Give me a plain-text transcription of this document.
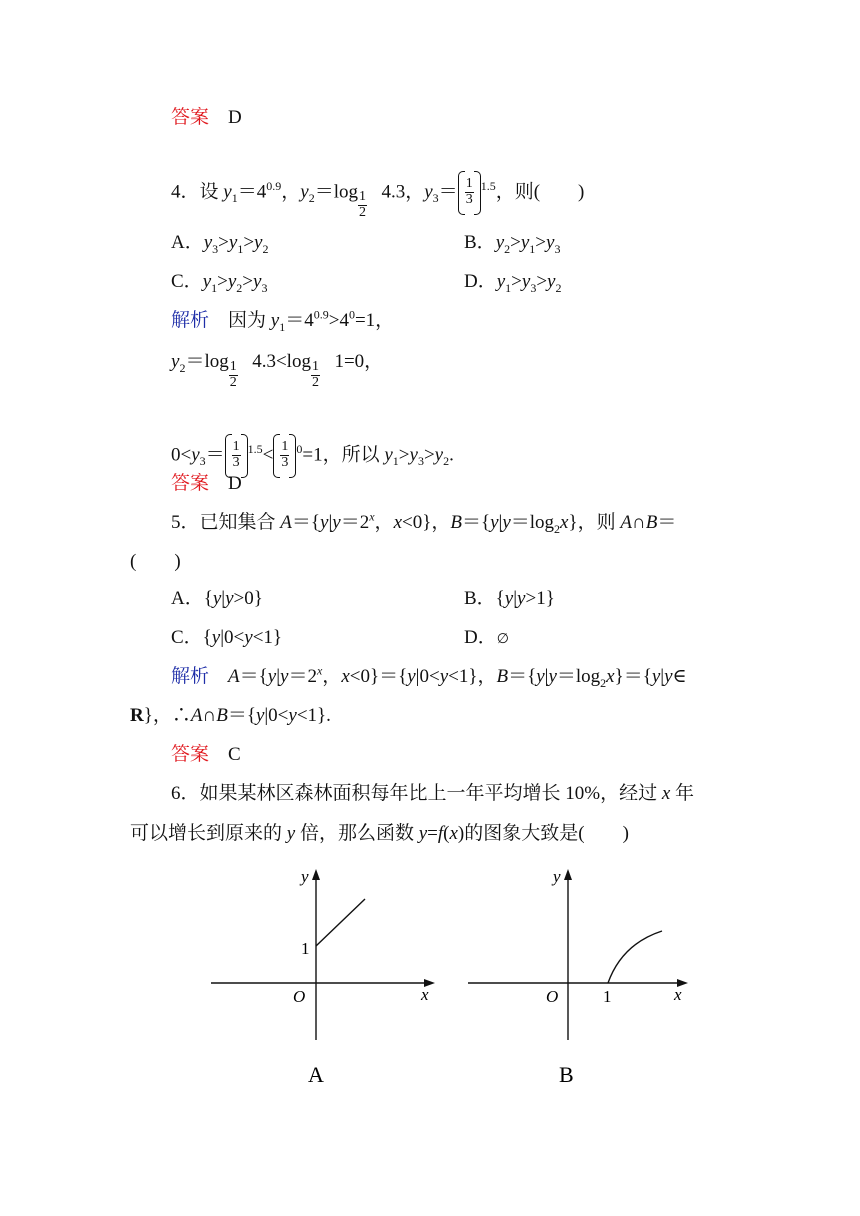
答案　 D
4．设 $y_1=4^{0.9}$，$y_2=\log \frac{1}{2} 4.3$，$y_3= \frac{1}{3} ^{1.5}$，则(　　)
A．$y_3>y_1>y_2$	B．$y_2>y_1>y_3$
C．$y_1>y_2>y_3$	D．$y_1>y_3>y_2$
解析　 因为 $y_1=4^{0.9}>4^0=1$，
$y_2=\log \frac{1}{2} 4.3<\log \frac{1}{2} 1=0$，
$0<y_3= \frac{1}{3} ^{1.5}< \frac{1}{3} ^0=1$，所以 $y_1>y_3>y_2$.
答案　 D
5．已知集合 $A=\{y|y=2^x$，x<0}，$B=\{y|y=\log_2x\}$，则 A∩B＝
(　　)
A．{y|y>0}	B．{y|y>1}
C．{y|0<y<1}	D．∅
解析　 $A=\{y|y=2^x$，x<0}＝{y|0<y<1}，$B=\{y|y=\log_2x\}=\{y|y\in$
R}，∴A∩B＝{y|0<y<1}.
答案　 C
6．如果某林区森林面积每年比上一年平均增长 10%，经过 x 年
可以增长到原来的 y 倍，那么函数 y=f(x)的图象大致是(　　)
y
x
O
1
A
y
x
O	1
B
